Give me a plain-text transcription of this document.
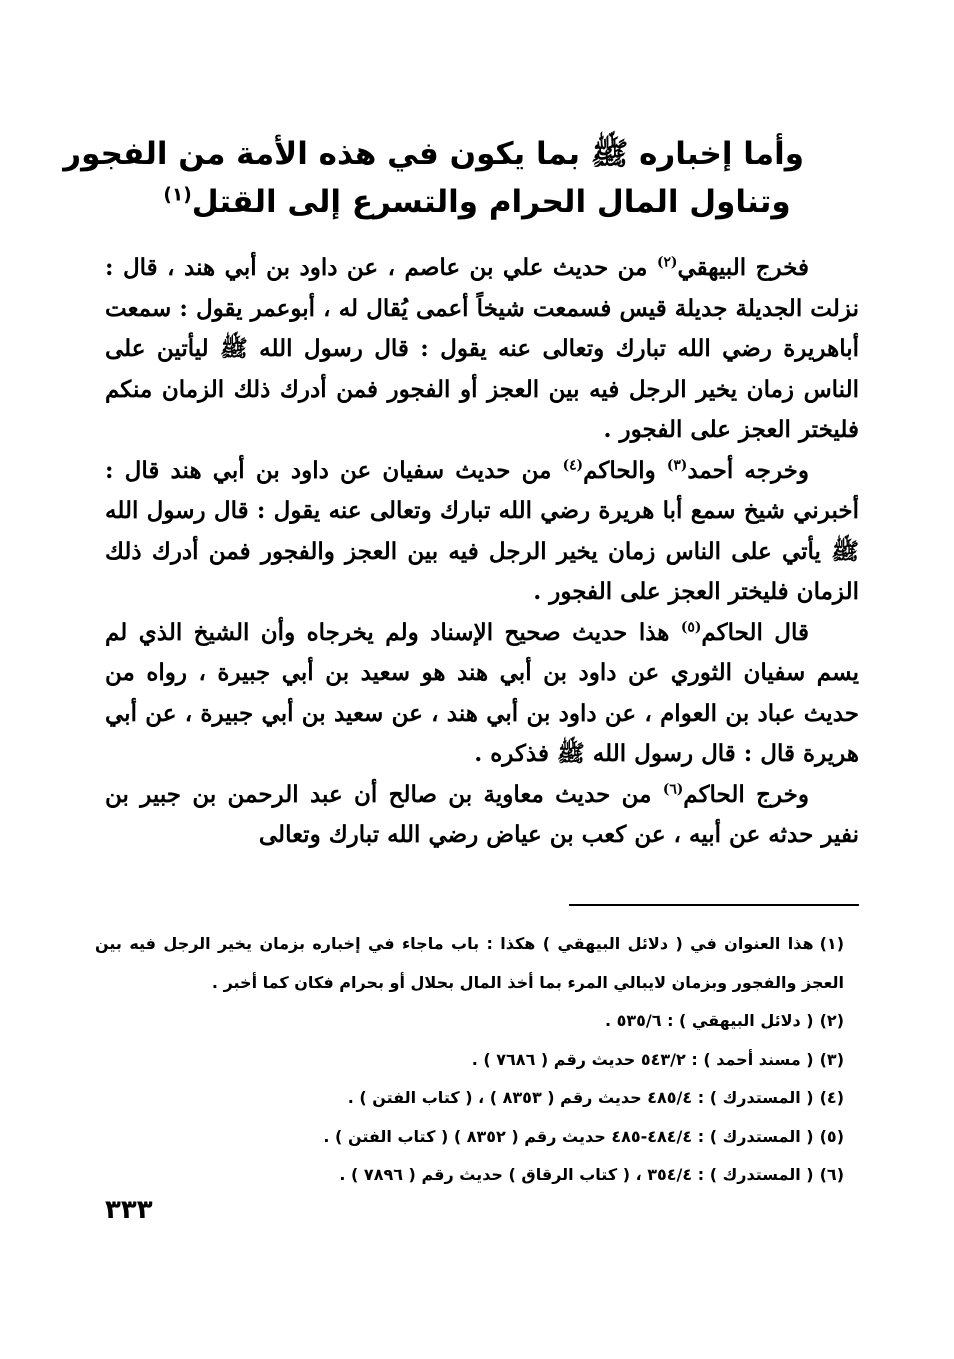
وأما إخباره ﷺ بما يكون في هذه الأمة من الفجور
وتناول المال الحرام والتسرع إلى القتل$^{(١)}$

فخرج البيهقي$^{(٢)}$ من حديث علي بن عاصم ، عن داود بن أبي هند ، قال : نزلت الجديلة جديلة قيس فسمعت شيخاً أعمى يُقال له ، أبوعمر يقول : سمعت أباهريرة رضي الله تبارك وتعالى عنه يقول : قال رسول الله ﷺ ليأتين على الناس زمان يخير الرجل فيه بين العجز أو الفجور فمن أدرك ذلك الزمان منكم فليختر العجز على الفجور .

وخرجه أحمد$^{(٣)}$ والحاكم$^{(٤)}$ من حديث سفيان عن داود بن أبي هند قال : أخبرني شيخ سمع أبا هريرة رضي الله تبارك وتعالى عنه يقول : قال رسول الله ﷺ يأتي على الناس زمان يخير الرجل فيه بين العجز والفجور فمن أدرك ذلك الزمان فليختر العجز على الفجور .

قال الحاكم$^{(٥)}$ هذا حديث صحيح الإسناد ولم يخرجاه وأن الشيخ الذي لم يسم سفيان الثوري عن داود بن أبي هند هو سعيد بن أبي جبيرة ، رواه من حديث عباد بن العوام ، عن داود بن أبي هند ، عن سعيد بن أبي جبيرة ، عن أبي هريرة قال : قال رسول الله ﷺ فذكره .

وخرج الحاكم$^{(٦)}$ من حديث معاوية بن صالح أن عبد الرحمن بن جبير بن نفير حدثه عن أبيه ، عن كعب بن عياض رضي الله تبارك وتعالى

(١)هذا العنوان في ( دلائل البيهقي ) هكذا : باب ماجاء في إخباره بزمان يخير الرجل فيه بين العجز والفجور وبزمان لايبالي المرء بما أخذ المال بحلال أو بحرام فكان كما أخبر .

(٢)( دلائل البيهقي ) : ٥٣٥/٦ .

(٣)( مسند أحمد ) : ٥٤٣/٢ حديث رقم ( ٧٦٨٦ ) .

(٤)( المستدرك ) : ٤٨٥/٤ حديث رقم ( ٨٣٥٣ ) ، ( كتاب الفتن ) .

(٥)( المستدرك ) : ٤٨٤/٤-٤٨٥ حديث رقم ( ٨٣٥٢ ) ( كتاب الفتن ) .

(٦)( المستدرك ) : ٣٥٤/٤ ، ( كتاب الرقاق ) حديث رقم ( ٧٨٩٦ ) .

٣٣٣
